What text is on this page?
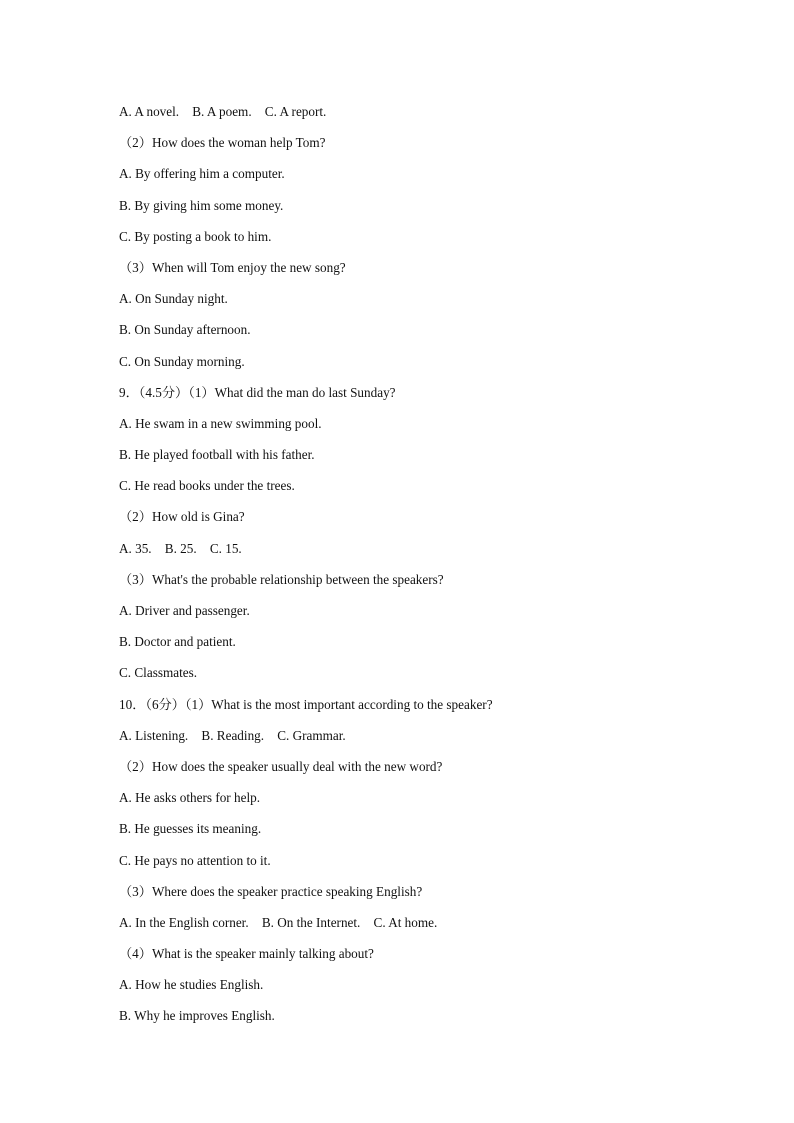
A. A novel.    B. A poem.    C. A report.
（2）How does the woman help Tom?
A. By offering him a computer.
B. By giving him some money.
C. By posting a book to him.
（3）When will Tom enjoy the new song?
A. On Sunday night.
B. On Sunday afternoon.
C. On Sunday morning.
9．（4.5分）（1）What did the man do last Sunday?
A. He swam in a new swimming pool.
B. He played football with his father.
C. He read books under the trees.
（2）How old is Gina?
A. 35.    B. 25.    C. 15.
（3）What's the probable relationship between the speakers?
A. Driver and passenger.
B. Doctor and patient.
C. Classmates.
10．（6分）（1）What is the most important according to the speaker?
A. Listening.    B. Reading.    C. Grammar.
（2）How does the speaker usually deal with the new word?
A. He asks others for help.
B. He guesses its meaning.
C. He pays no attention to it.
（3）Where does the speaker practice speaking English?
A. In the English corner.    B. On the Internet.    C. At home.
（4）What is the speaker mainly talking about?
A. How he studies English.
B. Why he improves English.
